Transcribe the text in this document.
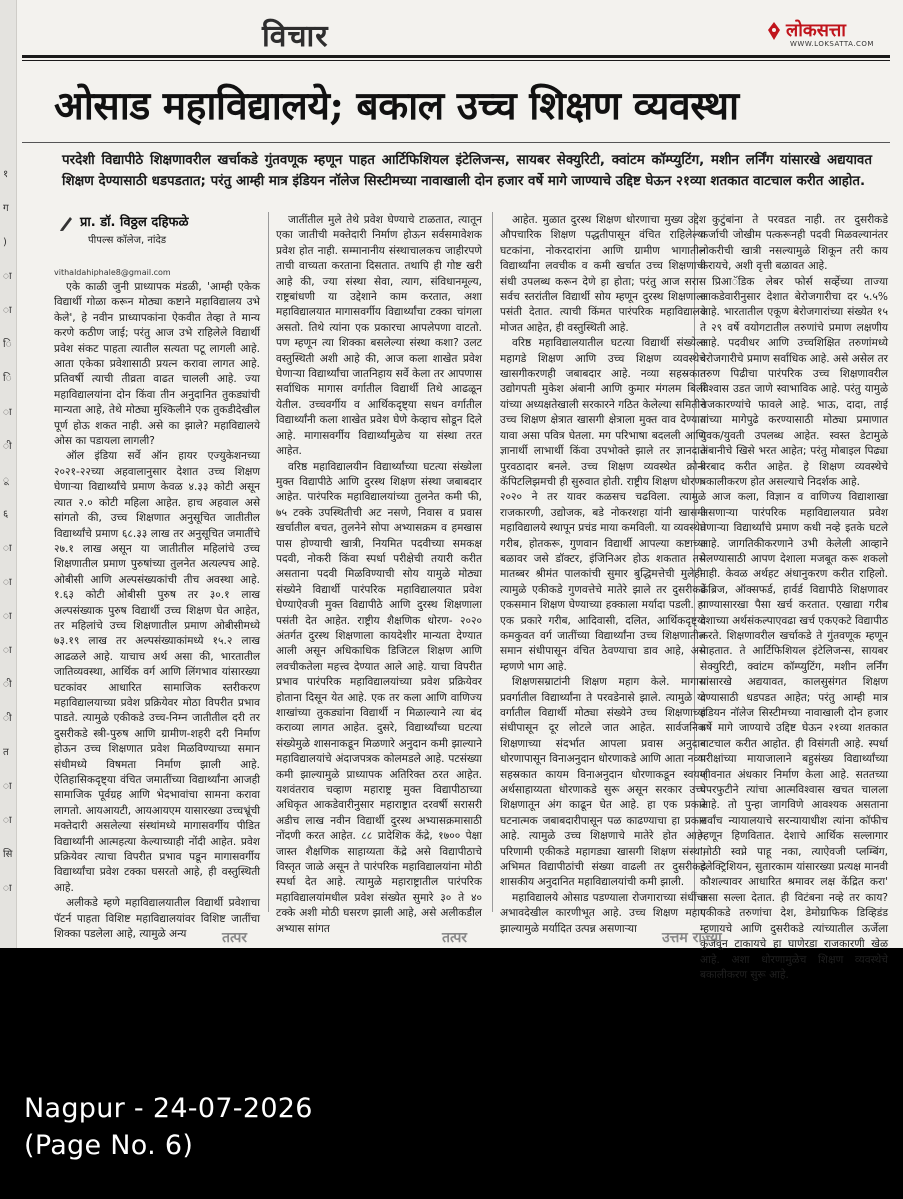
१
ग
)
ा
ा
ि
ि
ा
ी
ू
६
ा
ा
ा
ा
ी
ी
त
ा
ा
सि
ा
विचार	लोकसत्ता
WWW.LOKSATTA.COM
ओसाड महाविद्यालये; बकाल उच्च शिक्षण व्यवस्था
परदेशी विद्यापीठे शिक्षणावरील खर्चाकडे गुंतवणूक म्हणून पाहत आर्टिफिशियल इंटेलिजन्स, सायबर सेक्युरिटी, क्वांटम कॉम्प्युटिंग, मशीन लर्निंग यांसारखे अद्ययावत शिक्षण देण्यासाठी धडपडतात; परंतु आम्ही मात्र इंडियन नॉलेज सिस्टीमच्या नावाखाली दोन हजार वर्षे मागे जाण्याचे उद्दिष्ट घेऊन २१व्या शतकात वाटचाल करीत आहोत.
प्रा. डॉ. विठ्ठल दहिफळे
पीपल्स कॉलेज, नांदेड
vithaldahiphale8@gmail.com

एके काळी जुनी प्राध्यापक मंडळी, 'आम्ही एकेक विद्यार्थी गोळा करून मोठ्या कष्टाने महाविद्यालय उभे केले', हे नवीन प्राध्यापकांना ऐकवीत तेव्हा ते मान्य करणे कठीण जाई; परंतु आज उभे राहिलेले विद्यार्थी प्रवेश संकट पाहता त्यातील सत्यता पटू लागली आहे. आता एकेका प्रवेशासाठी प्रयत्न करावा लागत आहे. प्रतिवर्षी त्याची तीव्रता वाढत चालली आहे. ज्या महाविद्यालयांना दोन किंवा तीन अनुदानित तुकड्यांची मान्यता आहे, तेथे मोठ्या मुश्किलीने एक तुकडीदेखील पूर्ण होऊ शकत नाही. असे का झाले? महाविद्यालये ओस का पडायला लागली?

ऑल इंडिया सर्वे ऑन हायर एज्युकेशनच्या २०२१-२२च्या अहवालानुसार देशात उच्च शिक्षण घेणाऱ्या विद्यार्थ्यांचे प्रमाण केवळ ४.३३ कोटी असून त्यात २.० कोटी महिला आहेत. हाच अहवाल असे सांगतो की, उच्च शिक्षणात अनुसूचित जातीतील विद्यार्थ्यांचे प्रमाण ६८.३३ लाख तर अनुसूचित जमातींचे २७.१ लाख असून या जातीतील महिलांचे उच्च शिक्षणातील प्रमाण पुरुषांच्या तुलनेत अत्यल्पच आहे. ओबीसी आणि अल्पसंख्यकांची तीच अवस्था आहे. १.६३ कोटी ओबीसी पुरुष तर ३०.१ लाख अल्पसंख्याक पुरुष विद्यार्थी उच्च शिक्षण घेत आहेत, तर महिलांचे उच्च शिक्षणातील प्रमाण ओबीसीमध्ये ७३.१९ लाख तर अल्पसंख्याकांमध्ये १५.२ लाख आढळले आहे. याचाच अर्थ असा की, भारतातील जातिव्यवस्था, आर्थिक वर्ग आणि लिंगभाव यांसारख्या घटकांवर आधारित सामाजिक स्तरीकरण महाविद्यालयाच्या प्रवेश प्रक्रियेवर मोठा विपरीत प्रभाव पाडते. त्यामुळे एकीकडे उच्च-निम्न जातीतील दरी तर दुसरीकडे स्त्री-पुरुष आणि ग्रामीण-शहरी दरी निर्माण होऊन उच्च शिक्षणात प्रवेश मिळविण्याच्या समान संधीमध्ये विषमता निर्माण झाली आहे. ऐतिहासिकदृष्ट्या वंचित जमातींच्या विद्यार्थ्यांना आजही सामाजिक पूर्वग्रह आणि भेदभावांचा सामना करावा लागतो. आयआयटी, आयआयएम यासारख्या उच्चभ्रूंची मक्तेदारी असलेल्या संस्थांमध्ये मागासवर्गीय पीडित विद्यार्थ्यांनी आत्महत्या केल्याच्याही नोंदी आहेत. प्रवेश प्रक्रियेवर त्याचा विपरीत प्रभाव पडून मागासवर्गीय विद्यार्थ्यांचा प्रवेश टक्का घसरतो आहे, ही वस्तुस्थिती आहे.

अलीकडे म्हणे महाविद्यालयातील विद्यार्थी प्रवेशाचा पॅटर्न पाहता विशिष्ट महाविद्यालयांवर विशिष्ट जातींचा शिक्का पडलेला आहे, त्यामुळे अन्य

जातींतील मुले तेथे प्रवेश घेण्याचे टाळतात, त्यातून एका जातीची मक्तेदारी निर्माण होऊन सर्वसमावेशक प्रवेश होत नाही. सम्मानानीय संस्थाचालकच जाहीरपणे ताची वाच्यता करताना दिसतात. तथापि ही गोष्ट खरी आहे की, ज्या संस्था सेवा, त्याग, संविधानमूल्य, राष्ट्रबांधणी या उद्देशाने काम करतात, अशा महाविद्यालयात मागासवर्गीय विद्यार्थ्यांचा टक्का चांगला असतो. तिथे त्यांना एक प्रकारचा आपलेपणा वाटतो. पण म्हणून त्या शिक्का बसलेल्या संस्था कशा? उलट वस्तुस्थिती अशी आहे की, आज कला शाखेत प्रवेश घेणाऱ्या विद्यार्थ्यांचा जातनिहाय सर्वे केला तर आपणास सर्वाधिक मागास वर्गातील विद्यार्थी तिथे आढळून येतील. उच्चवर्गीय व आर्थिकदृष्ट्या सधन वर्गातील विद्यार्थ्यांनी कला शाखेत प्रवेश घेणे केव्हाच सोडून दिले आहे. मागासवर्गीय विद्यार्थ्यांमुळेच या संस्था तरत आहेत.

वरिष्ठ महाविद्यालयीन विद्यार्थ्यांच्या घटत्या संख्येला मुक्त विद्यापीठे आणि दुरस्थ शिक्षण संस्था जबाबदार आहेत. पारंपरिक महाविद्यालयांच्या तुलनेत कमी फी, ७५ टक्के उपस्थितीची अट नसणे, निवास व प्रवास खर्चातील बचत, तुलनेने सोपा अभ्यासक्रम व हमखास पास होण्याची खात्री, नियमित पदवीच्या समकक्ष पदवी, नोकरी किंवा स्पर्धा परीक्षेची तयारी करीत असताना पदवी मिळविण्याची सोय यामुळे मोठ्या संख्येने विद्यार्थी पारंपरिक महाविद्यालयात प्रवेश घेण्याऐवजी मुक्त विद्यापीठे आणि दुरस्थ शिक्षणाला पसंती देत आहेत. राष्ट्रीय शैक्षणिक धोरण- २०२० अंतर्गत दुरस्थ शिक्षणाला कायदेशीर मान्यता देण्यात आली असून अधिकाधिक डिजिटल शिक्षण आणि लवचीकतेला महत्त्व देण्यात आले आहे. याचा विपरीत प्रभाव पारंपरिक महाविद्यालयांच्या प्रवेश प्रक्रियेवर होताना दिसून येत आहे. एक तर कला आणि वाणिज्य शाखांच्या तुकड्यांना विद्यार्थी न मिळाल्याने त्या बंद कराव्या लागत आहेत. दुसरे, विद्यार्थ्यांच्या घटत्या संख्येमुळे शासनाकडून मिळणारे अनुदान कमी झाल्याने महाविद्यालयांचे अंदाजपत्रक कोलमडले आहे. पटसंख्या कमी झाल्यामुळे प्राध्यापक अतिरिक्त ठरत आहेत. यशवंतराव चव्हाण महाराष्ट्र मुक्त विद्यापीठाच्या अधिकृत आकडेवारीनुसार महाराष्ट्रात दरवर्षी सरासरी अडीच लाख नवीन विद्यार्थी दुरस्थ अभ्यासक्रमासाठी नोंदणी करत आहेत. ८८ प्रादेशिक केंद्रे, १७०० पेक्षा जास्त शैक्षणिक साहाय्यता केंद्रे असे विद्यापीठाचे विस्तृत जाळे असून ते पारंपरिक महाविद्यालयांना मोठी स्पर्धा देत आहे. त्यामुळे महाराष्ट्रातील पारंपरिक महाविद्यालयांमधील प्रवेश संख्येत सुमारे ३० ते ४० टक्के अशी मोठी घसरण झाली आहे, असे अलीकडील अभ्यास सांगत

आहेत. मुळात दुरस्थ शिक्षण धोरणाचा मुख्य उद्देश औपचारिक शिक्षण पद्धतीपासून वंचित राहिलेल्या घटकांना, नोकरदारांना आणि ग्रामीण भागातील विद्यार्थ्यांना लवचीक व कमी खर्चात उच्च शिक्षणाची संधी उपलब्ध करून देणे हा होता; परंतु आज सरास सर्वच स्तरांतील विद्यार्थी सोय म्हणून दुरस्थ शिक्षणाला पसंती देतात. त्याची किंमत पारंपरिक महाविद्यालये मोजत आहेत, ही वस्तुस्थिती आहे.

वरिष्ठ महाविद्यालयातील घटत्या विद्यार्थी संख्येला महागडे शिक्षण आणि उच्च शिक्षण व्यवस्थेचे खासगीकरणही जबाबदार आहे. नव्या सहस्रकात उद्योगपती मुकेश अंबानी आणि कुमार मंगलम बिर्ला यांच्या अध्यक्षतेखाली सरकारने गठित केलेल्या समितीने उच्च शिक्षण क्षेत्रात खासगी क्षेत्राला मुक्त वाव देण्यात यावा असा पवित्र घेतला. मग परिभाषा बदलली आणि ज्ञानार्थी लाभार्थी किंवा उपभोक्ते झाले तर ज्ञानदाते पुरवठादार बनले. उच्च शिक्षण व्यवस्थेत क्रोनी कॅपिटलिझमची ही सुरुवात होती. राष्ट्रीय शिक्षण धोरण- २०२० ने तर यावर कळसच चढविला. त्यामुळे राजकारणी, उद्योजक, बडे नोकरशहा यांनी खासगी महाविद्यालये स्थापून प्रचंड माया कमविली. या व्यवस्थेत गरीब, होतकरू, गुणवान विद्यार्थी आपल्या कष्टाच्या बळावर जसे डॉक्टर, इंजिनिअर होऊ शकतात तसे मातब्बर श्रीमंत पालकांची सुमार बुद्धिमत्तेची मुलेही. त्यामुळे एकीकडे गुणवत्तेचे मातेरे झाले तर दुसरीकडे एकसमान शिक्षण घेण्याच्या हक्काला मर्यादा पडली. हा एक प्रकारे गरीब, आदिवासी, दलित, आर्थिकदृष्ट्या कमकुवत वर्ग जातींच्या विद्यार्थ्यांना उच्च शिक्षणातील समान संधीपासून वंचित ठेवण्याचा डाव आहे, असे म्हणणे भाग आहे.

शिक्षणसम्राटांनी शिक्षण महाग केले. मागास प्रवर्गातील विद्यार्थ्यांना ते परवडेनासे झाले. त्यामुळे या वर्गातील विद्यार्थी मोठ्या संख्येने उच्च शिक्षणाच्या संधीपासून दूर लोटले जात आहेत. सार्वजनिक शिक्षणाच्या संदर्भात आपला प्रवास अनुदान धोरणापासून विनाअनुदान धोरणाकडे आणि आता नव्या सहस्रकात कायम विनाअनुदान धोरणाकडून स्वयम् अर्थसाहाय्यता धोरणाकडे सुरू असून सरकार उच्च शिक्षणातून अंग काढून घेत आहे. हा एक प्रकारे घटनात्मक जबाबदारीपासून पळ काढण्याचा हा प्रकार आहे. त्यामुळे उच्च शिक्षणाचे मातेरे होत आहे. परिणामी एकीकडे महागड्या खासगी शिक्षण संस्था, अभिमत विद्यापीठांची संख्या वाढली तर दुसरीकडे शासकीय अनुदानित महाविद्यालयांची कमी झाली.

महाविद्यालये ओसाड पडण्याला रोजगाराच्या संधींचा अभावदेखील कारणीभूत आहे. उच्च शिक्षण महाग झाल्यामुळे मर्यादित उत्पन्न असणाऱ्या

कुटुंबांना ते परवडत नाही. तर दुसरीकडे कर्जाची जोखीम पत्करूनही पदवी मिळवल्यानंतर नोकरीची खात्री नसल्यामुळे शिकून तरी काय करायचे, अशी वृत्ती बळावत आहे.

प्रिआॅडिक लेबर फोर्स सर्व्हेच्या ताज्या आकडेवारीनुसार देशात बेरोजगारीचा दर ५.५% आहे. भारतातील एकूण बेरोजगारांच्या संख्येत १५ ते २९ वर्षे वयोगटातील तरुणांचे प्रमाण लक्षणीय आहे. पदवीधर आणि उच्चशिक्षित तरुणांमध्ये बेरोजगारीचे प्रमाण सर्वाधिक आहे. असे असेल तर तरुण पिढीचा पारंपरिक उच्च शिक्षणावरील विश्वास उडत जाणे स्वाभाविक आहे. परंतु यामुळे राजकारण्यांचे फावले आहे. भाऊ, दादा, ताई यांच्या मागेपुढे करण्यासाठी मोठ्या प्रमाणात युवक/युवती उपलब्ध आहेत. स्वस्त डेटामुळे अंबानीचे खिसे भरत आहेत; परंतु मोबाइल पिढ्या बरबाद करीत आहेत. हे शिक्षण व्यवस्थेचे बकालीकरण होत असल्याचे निदर्शक आहे.

आज कला, विज्ञान व वाणिज्य विद्याशाखा असणाऱ्या पारंपरिक महाविद्यालयात प्रवेश घेणाऱ्या विद्यार्थ्यांचे प्रमाण कधी नव्हे इतके घटले आहे. जागतिकीकरणाने उभी केलेली आव्हाने पेलण्यासाठी आपण देशाला मजबूत करू शकलो नाही. केवळ अर्थहट अंधानुकरण करीत राहिलो. केंब्रिज, ऑक्सफर्ड, हार्वर्ड विद्यापीठे शिक्षणावर पाण्यासारखा पैसा खर्च करतात. एखाद्या गरीब देशाच्या अर्थसंकल्पाएवढा खर्च एकएकटे विद्यापीठ करते. शिक्षणावरील खर्चाकडे ते गुंतवणूक म्हणून पाहतात. ते आर्टिफिशियल इंटेलिजन्स, सायबर सेक्युरिटी, क्वांटम कॉम्प्युटिंग, मशीन लर्निंग यांसारखे अद्ययावत, कालसुसंगत शिक्षण देण्यासाठी धडपडत आहेत; परंतु आम्ही मात्र इंडियन नॉलेज सिस्टीमच्या नावाखाली दोन हजार वर्षे मागे जाण्याचे उद्दिष्ट घेऊन २१व्या शतकात वाटचाल करीत आहोत. ही विसंगती आहे. स्पर्धा परीक्षांच्या मायाजालाने बहुसंख्य विद्यार्थ्यांच्या जीवनात अंधकार निर्माण केला आहे. सततच्या पेपरफुटीने त्यांचा आत्मविश्वास खचत चालला आहे. तो पुन्हा जागविणे आवश्यक असताना सर्वांच न्यायालयाचे सरन्यायाधीश त्यांना कॉफीच म्हणून हिणवितात. देशाचे आर्थिक सल्लागार 'मोठी स्वप्ने पाहू नका, त्याऐवजी प्लम्बिंग, इलेक्ट्रिशियन, सुतारकाम यांसारख्या प्रत्यक्ष मानवी कौशल्यावर आधारित श्रमावर लक्ष केंद्रित करा' असा सल्ला देतात. ही विटंबना नव्हे तर काय? एकीकडे तरुणांचा देश, डेमोग्राफिक डिव्हिडंड म्हणायचे आणि दुसरीकडे त्यांच्यातील ऊर्जेला कुजवून टाकायचे हा घाणेरडा राजकारणी खेळ आहे. अशा धोरणामुळेच शिक्षण व्यवस्थेचे बकालीकरण सुरू आहे.

तत्पर	तत्पर	उत्तम राज्या
Nagpur - 24-07-2026
(Page No. 6)
